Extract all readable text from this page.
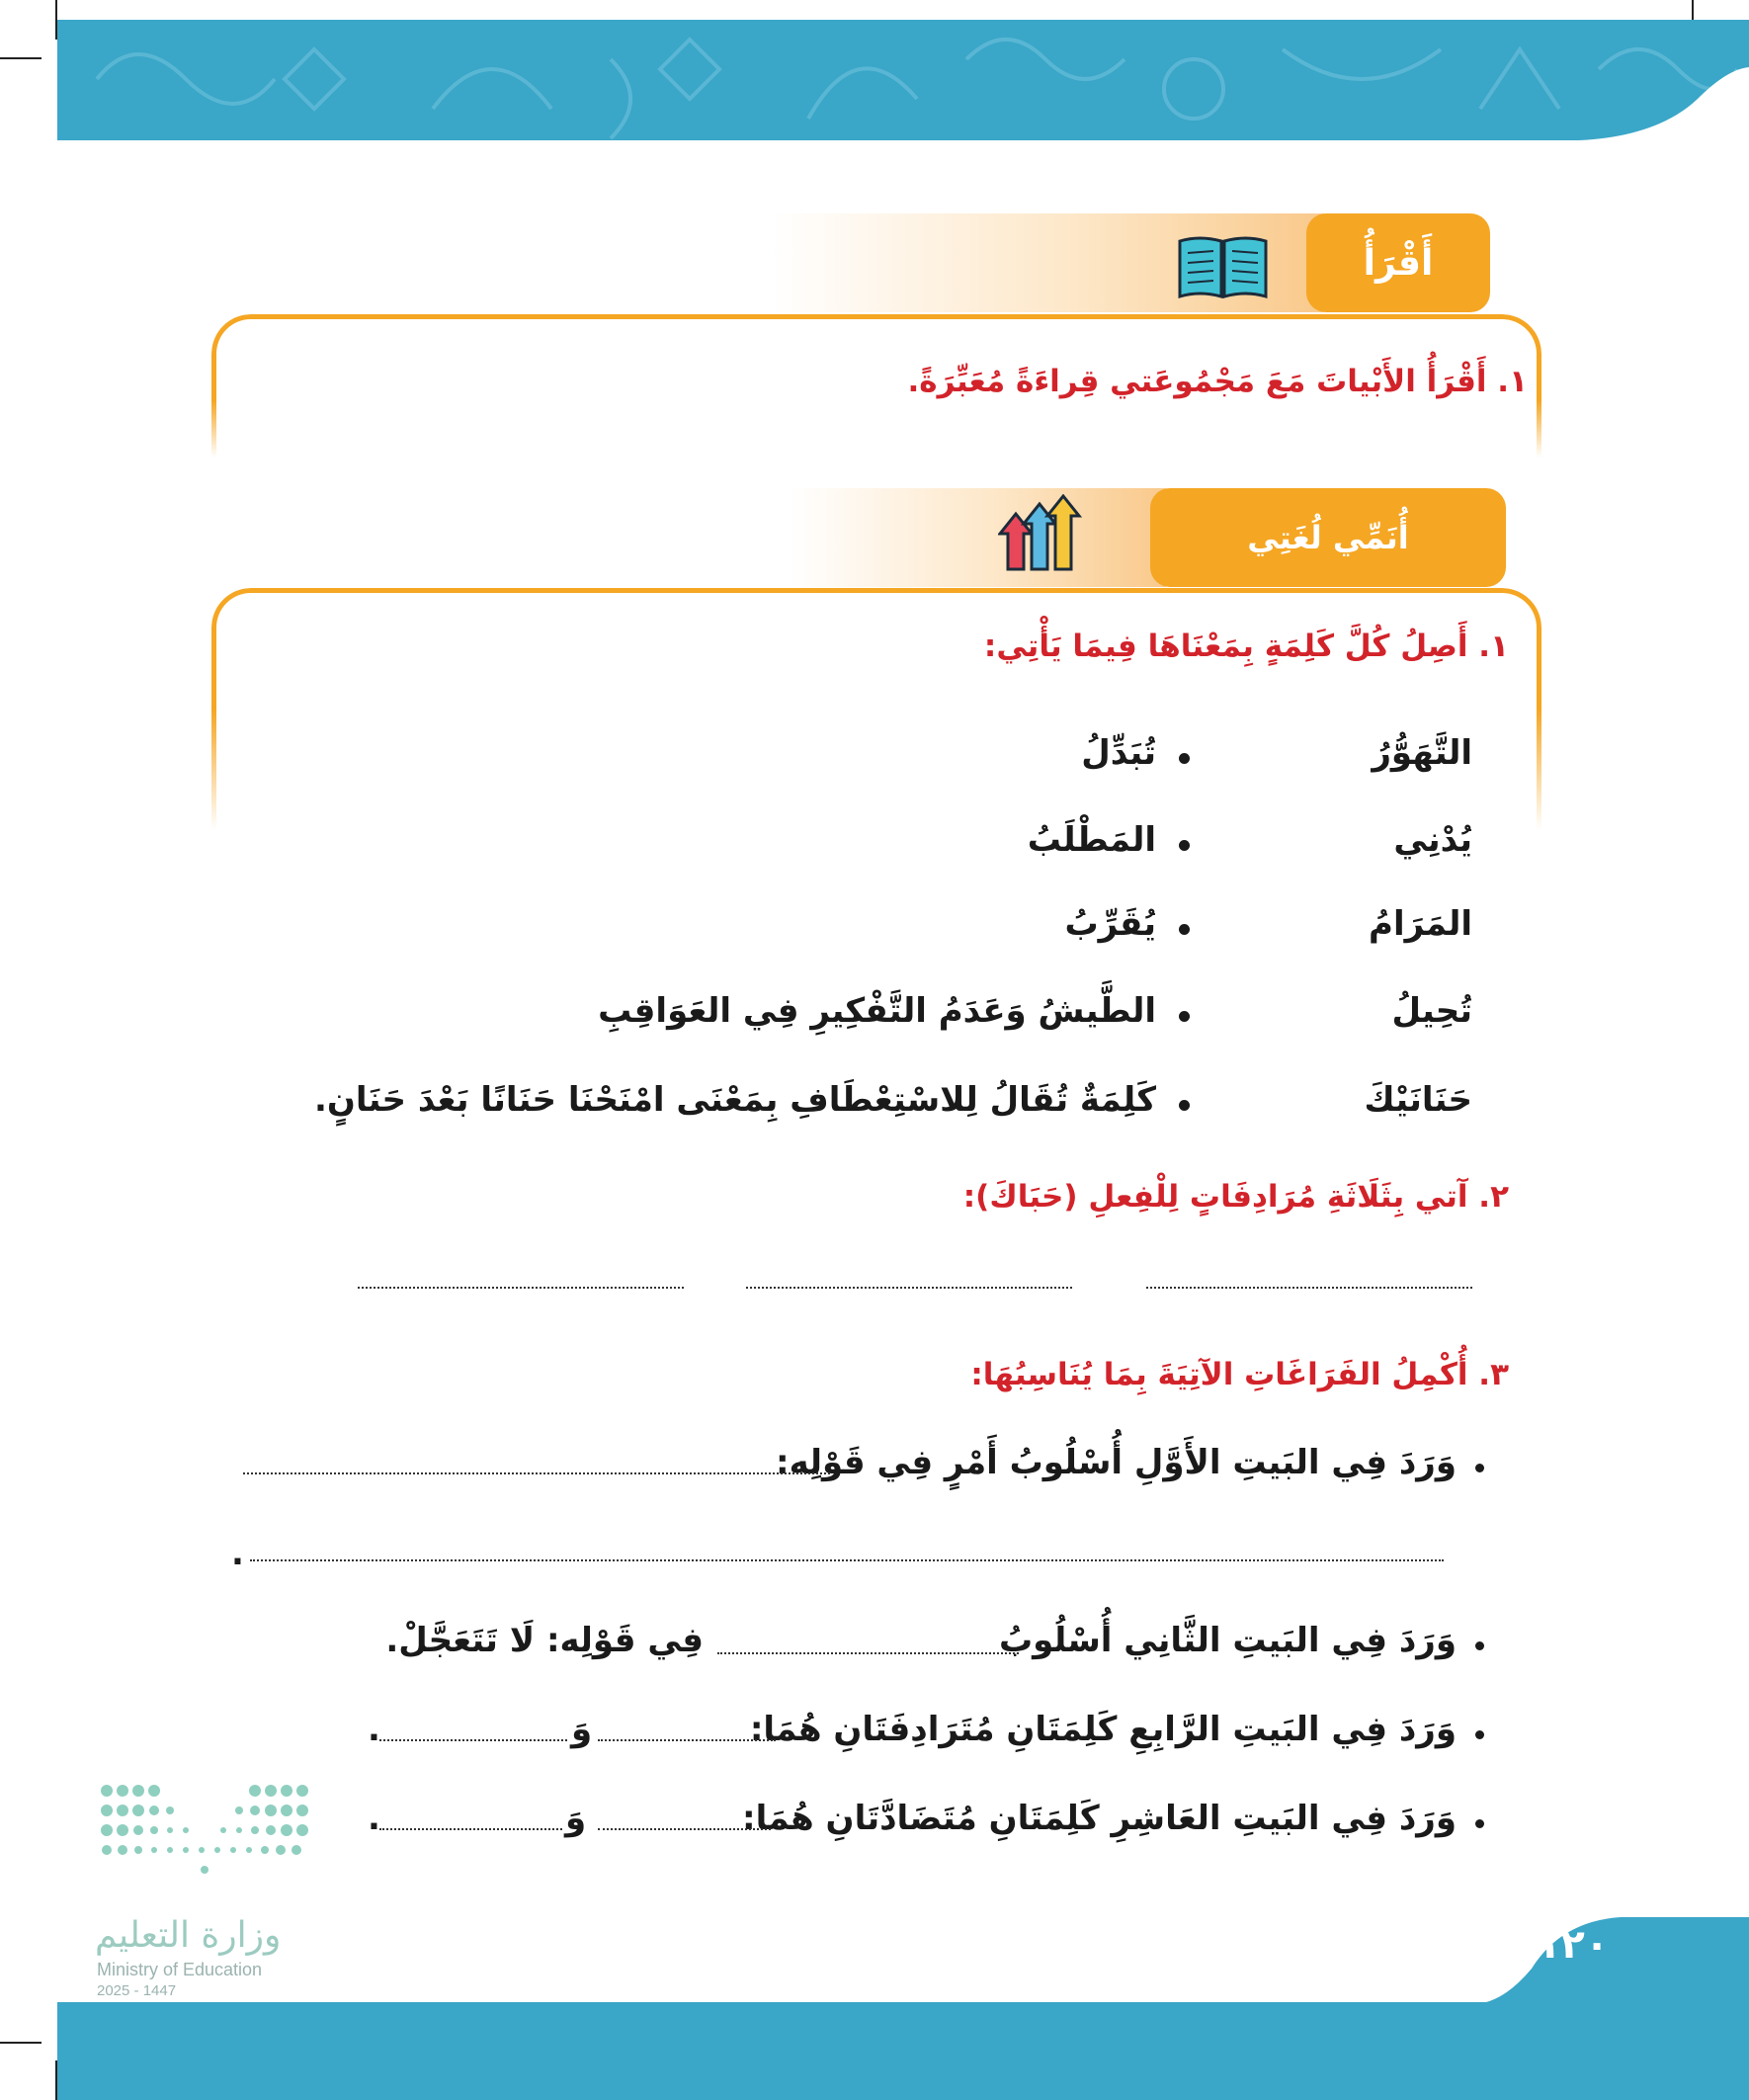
أَقْرَأُ
١. أَقْرَأُ الأَبْياتَ مَعَ مَجْمُوعَتي قِراءَةً مُعَبِّرَةً.
أُنَمِّي لُغَتِي
١. أَصِلُ كُلَّ كَلِمَةٍ بِمَعْنَاهَا فِيمَا يَأْتِي:
التَّهَوُّرُ
يُدْنِي
المَرَامُ
تُحِيلُ
حَنَانَيْكَ
تُبَدِّلُ
المَطْلَبُ
يُقَرِّبُ
الطَّيشُ وَعَدَمُ التَّفْكِيرِ فِي العَوَاقِبِ
كَلِمَةٌ تُقَالُ لِلاسْتِعْطَافِ بِمَعْنَى امْنَحْنَا حَنَانًا بَعْدَ حَنَانٍ.
٢. آتي بِثَلَاثَةِ مُرَادِفَاتٍ لِلْفِعلِ (حَبَاكَ):
٣. أُكْمِلُ الفَرَاغَاتِ الآتِيَةَ بِمَا يُنَاسِبُهَا:
وَرَدَ فِي البَيتِ الأَوَّلِ أُسْلُوبُ أَمْرٍ فِي قَوْلِه:
.
وَرَدَ فِي البَيتِ الثَّانِي أُسْلُوبُ
فِي قَوْلِه: لَا تَتَعَجَّلْ.
وَرَدَ فِي البَيتِ الرَّابِعِ كَلِمَتَانِ مُتَرَادِفَتَانِ هُمَا:
وَ
.
وَرَدَ فِي البَيتِ العَاشِرِ كَلِمَتَانِ مُتَضَادَّتَانِ هُمَا:
وَ
.
وزارة التعليم
Ministry of Education
2025 - 1447
١٢٠
